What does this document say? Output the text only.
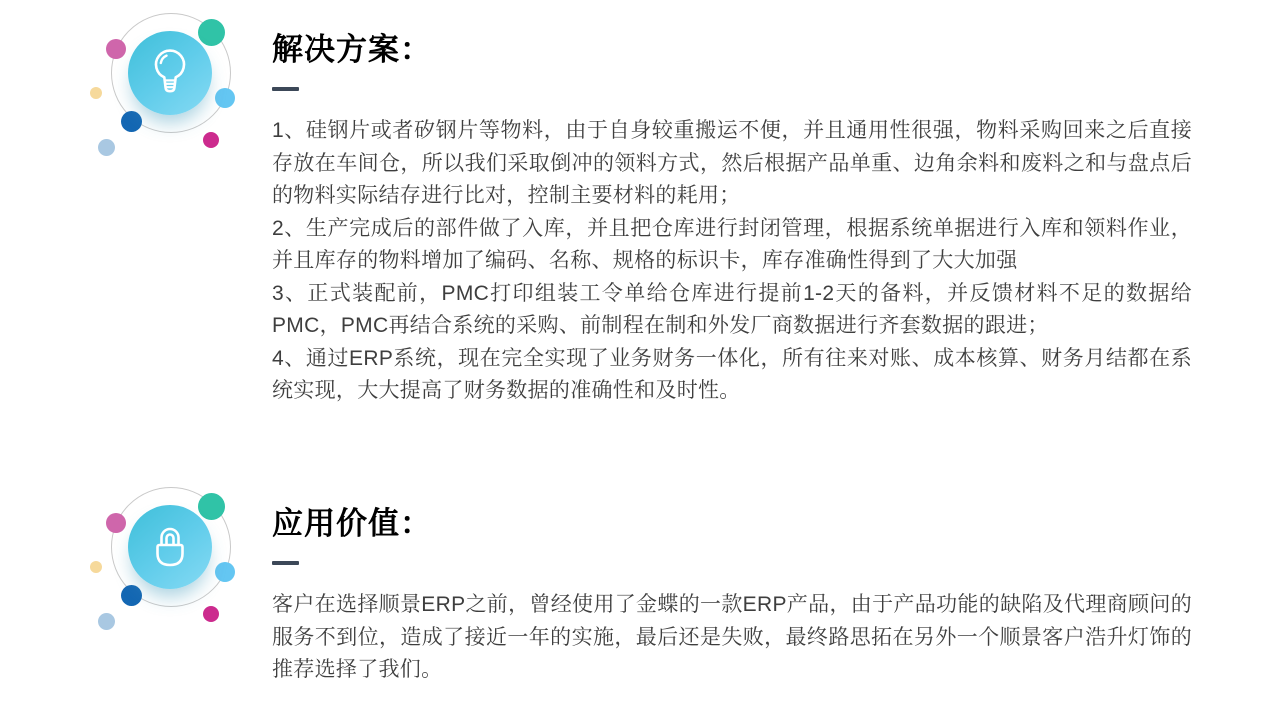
解决方案：

1、硅钢片或者矽钢片等物料，由于自身较重搬运不便，并且通用性很强，物料采购回来之后直接存放在车间仓，所以我们采取倒冲的领料方式，然后根据产品单重、边角余料和废料之和与盘点后的物料实际结存进行比对，控制主要材料的耗用；

2、生产完成后的部件做了入库，并且把仓库进行封闭管理，根据系统单据进行入库和领料作业，并且库存的物料增加了编码、名称、规格的标识卡，库存准确性得到了大大加强

3、正式装配前，PMC打印组装工令单给仓库进行提前1-2天的备料，并反馈材料不足的数据给PMC，PMC再结合系统的采购、前制程在制和外发厂商数据进行齐套数据的跟进；

4、通过ERP系统，现在完全实现了业务财务一体化，所有往来对账、成本核算、财务月结都在系统实现，大大提高了财务数据的准确性和及时性。

应用价值：

客户在选择顺景ERP之前，曾经使用了金蝶的一款ERP产品，由于产品功能的缺陷及代理商顾问的服务不到位，造成了接近一年的实施，最后还是失败，最终路思拓在另外一个顺景客户浩升灯饰的推荐选择了我们。
